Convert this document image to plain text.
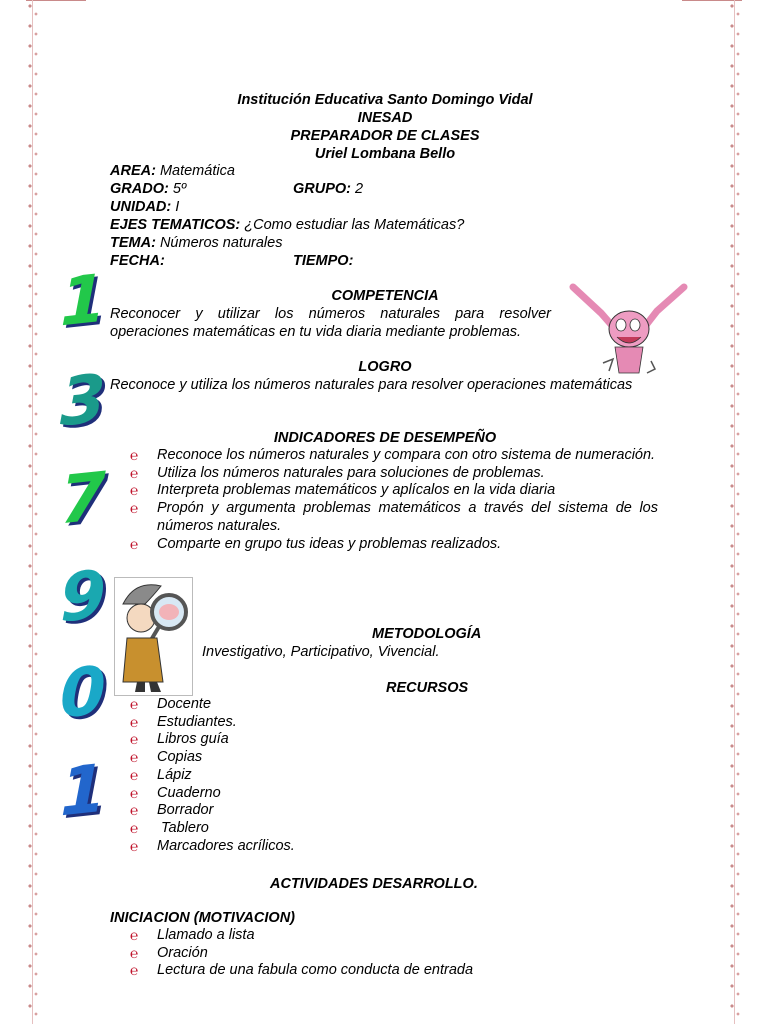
Institución Educativa Santo Domingo Vidal
INESAD
PREPARADOR DE CLASES
Uriel Lombana Bello
AREA: Matemática
GRADO: 5º	GRUPO: 2
UNIDAD: I
EJES TEMATICOS: ¿Como estudiar las Matemáticas?
TEMA: Números naturales
FECHA:	TIEMPO:
1
3
7
9
0
1
COMPETENCIA
Reconocer y utilizar los números naturales para resolver operaciones matemáticas en tu vida diaria mediante problemas.
LOGRO
Reconoce y utiliza los números naturales para resolver operaciones matemáticas
INDICADORES DE DESEMPEÑO
℮ Reconoce los números naturales y compara con otro sistema de numeración.
℮ Utiliza los números naturales para soluciones de problemas.
℮ Interpreta problemas matemáticos y aplícalos en la vida diaria
℮ Propón y argumenta problemas matemáticos a través del sistema de los números naturales.
℮ Comparte en grupo tus ideas y problemas realizados.
METODOLOGÍA
Investigativo, Participativo, Vivencial.
RECURSOS
℮ Docente
℮ Estudiantes.
℮ Libros guía
℮ Copias
℮ Lápiz
℮ Cuaderno
℮ Borrador
℮ Tablero
℮ Marcadores acrílicos.
ACTIVIDADES DESARROLLO.
INICIACION (MOTIVACION)
℮ Llamado a lista
℮ Oración
℮ Lectura de una fabula como conducta de entrada
